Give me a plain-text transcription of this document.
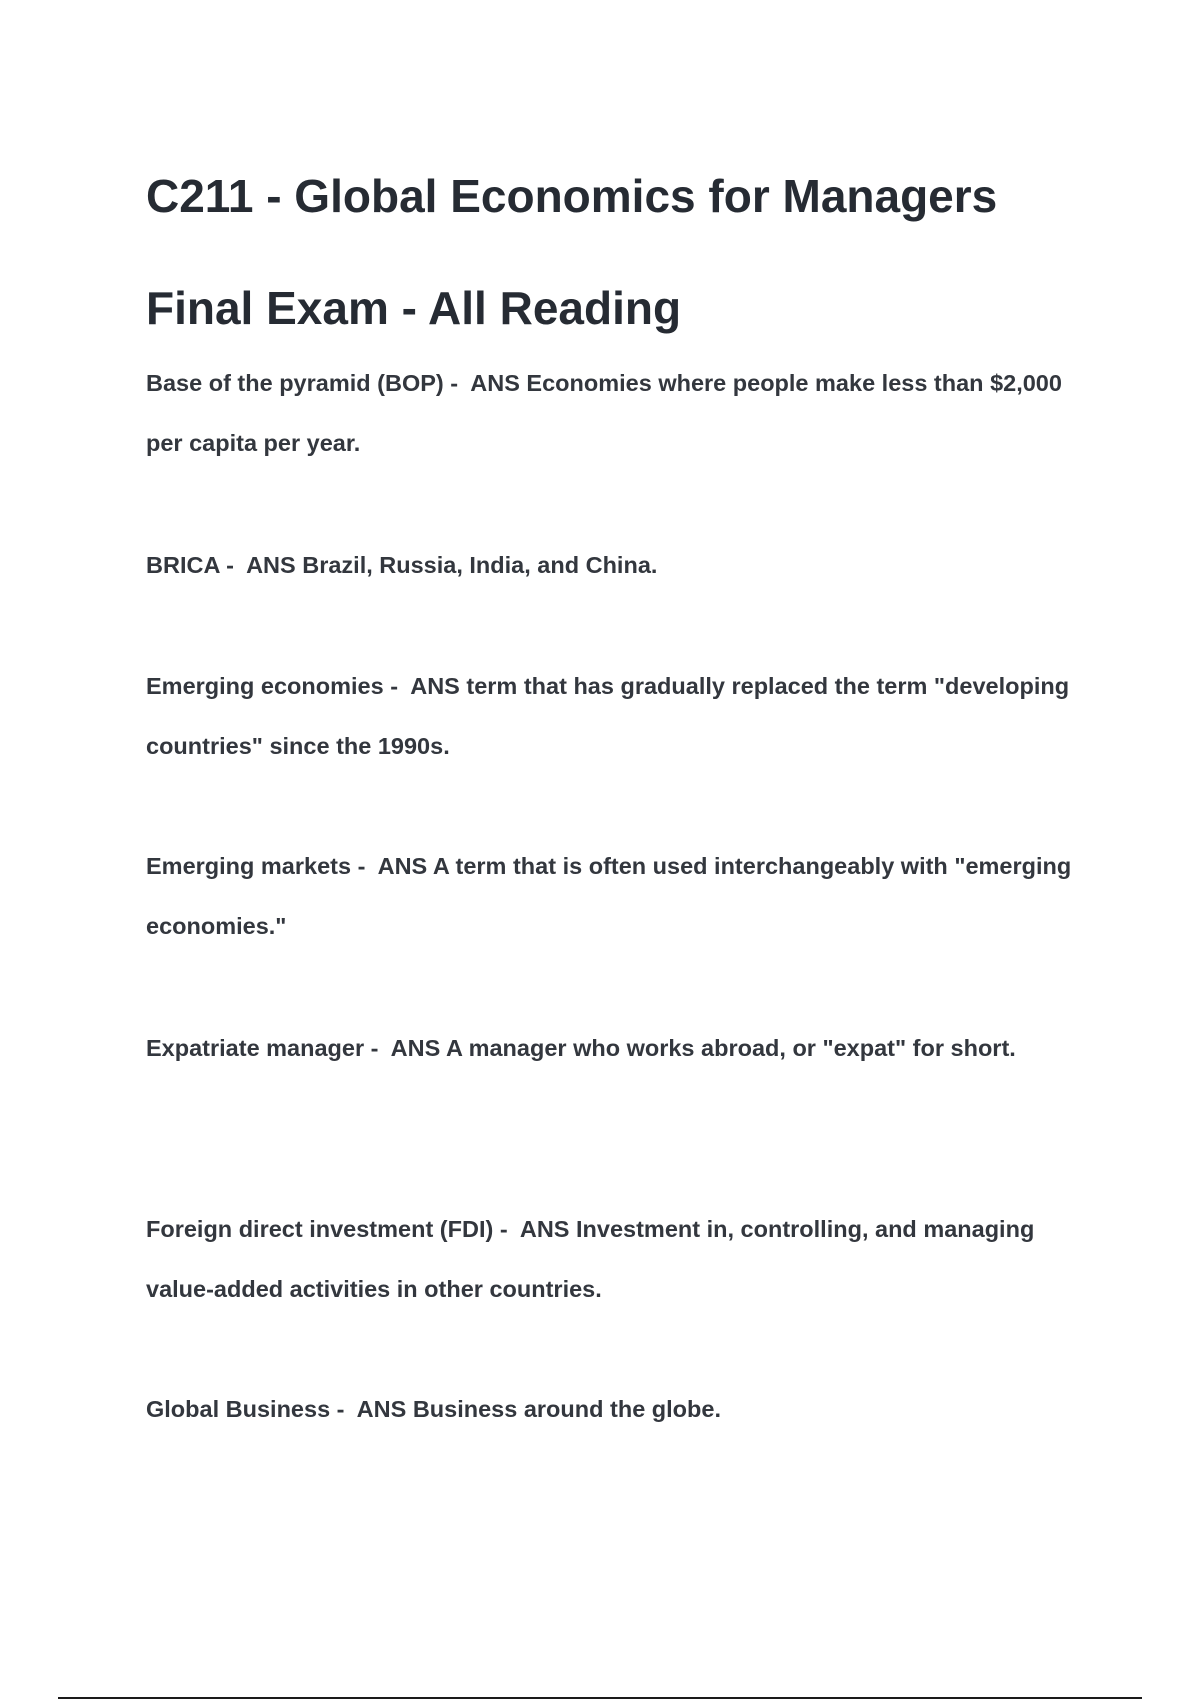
C211 - Global Economics for Managers
Final Exam - All Reading

Base of the pyramid (BOP) -  ANS Economies where people make less than $2,000 per capita per year.

BRICA -  ANS Brazil, Russia, India, and China.

Emerging economies -  ANS term that has gradually replaced the term "developing countries" since the 1990s.

Emerging markets -  ANS A term that is often used interchangeably with "emerging economies."

Expatriate manager -  ANS A manager who works abroad, or "expat" for short.

Foreign direct investment (FDI) -  ANS Investment in, controlling, and managing value-added activities in other countries.

Global Business -  ANS Business around the globe.
